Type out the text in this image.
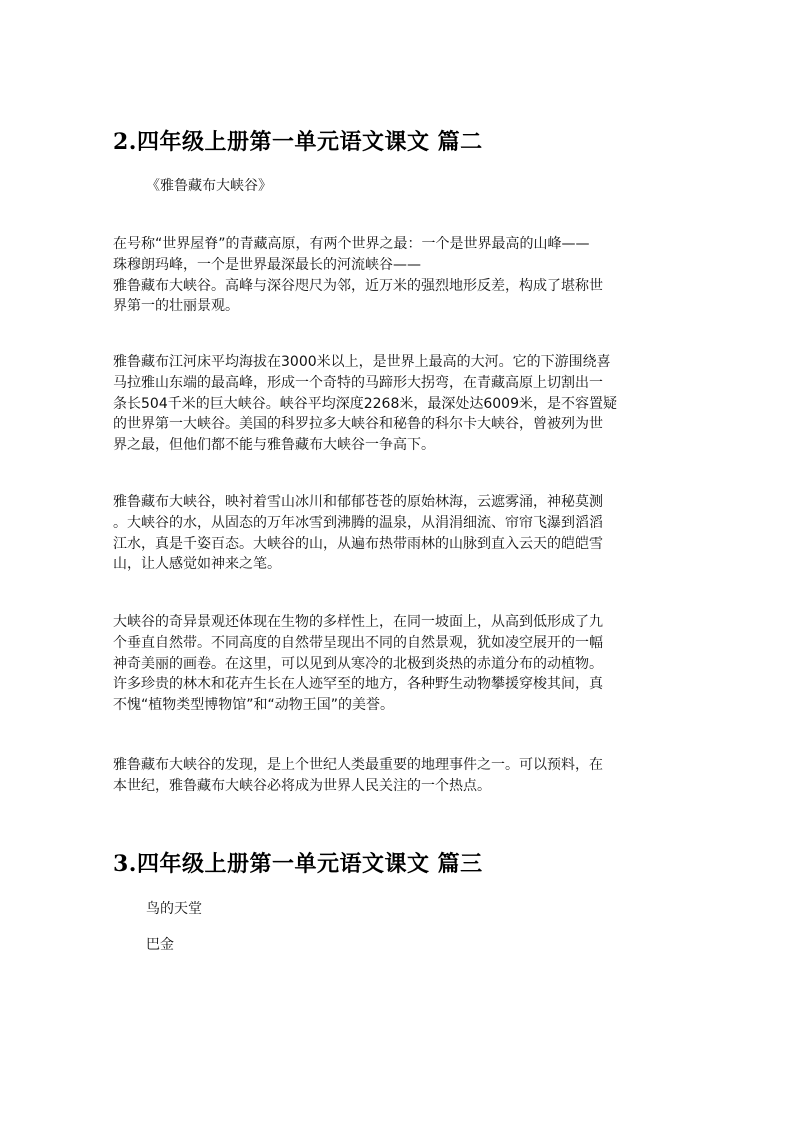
2.四年级上册第一单元语文课文 篇二

《雅鲁藏布大峡谷》

在号称“世界屋脊”的青藏高原，有两个世界之最：一个是世界最高的山峰——
珠穆朗玛峰，一个是世界最深最长的河流峡谷——
雅鲁藏布大峡谷。高峰与深谷咫尺为邻，近万米的强烈地形反差，构成了堪称世
界第一的壮丽景观。

雅鲁藏布江河床平均海拔在3000米以上，是世界上最高的大河。它的下游围绕喜
马拉雅山东端的最高峰，形成一个奇特的马蹄形大拐弯，在青藏高原上切割出一
条长504千米的巨大峡谷。峡谷平均深度2268米，最深处达6009米，是不容置疑
的世界第一大峡谷。美国的科罗拉多大峡谷和秘鲁的科尔卡大峡谷，曾被列为世
界之最，但他们都不能与雅鲁藏布大峡谷一争高下。

雅鲁藏布大峡谷，映衬着雪山冰川和郁郁苍苍的原始林海，云遮雾涌，神秘莫测
。大峡谷的水，从固态的万年冰雪到沸腾的温泉，从涓涓细流、帘帘飞瀑到滔滔
江水，真是千姿百态。大峡谷的山，从遍布热带雨林的山脉到直入云天的皑皑雪
山，让人感觉如神来之笔。

大峡谷的奇异景观还体现在生物的多样性上，在同一坡面上，从高到低形成了九
个垂直自然带。不同高度的自然带呈现出不同的自然景观，犹如凌空展开的一幅
神奇美丽的画卷。在这里，可以见到从寒冷的北极到炎热的赤道分布的动植物。
许多珍贵的林木和花卉生长在人迹罕至的地方，各种野生动物攀援穿梭其间，真
不愧“植物类型博物馆”和“动物王国”的美誉。

雅鲁藏布大峡谷的发现，是上个世纪人类最重要的地理事件之一。可以预料，在
本世纪，雅鲁藏布大峡谷必将成为世界人民关注的一个热点。

3.四年级上册第一单元语文课文 篇三

鸟的天堂

巴金
